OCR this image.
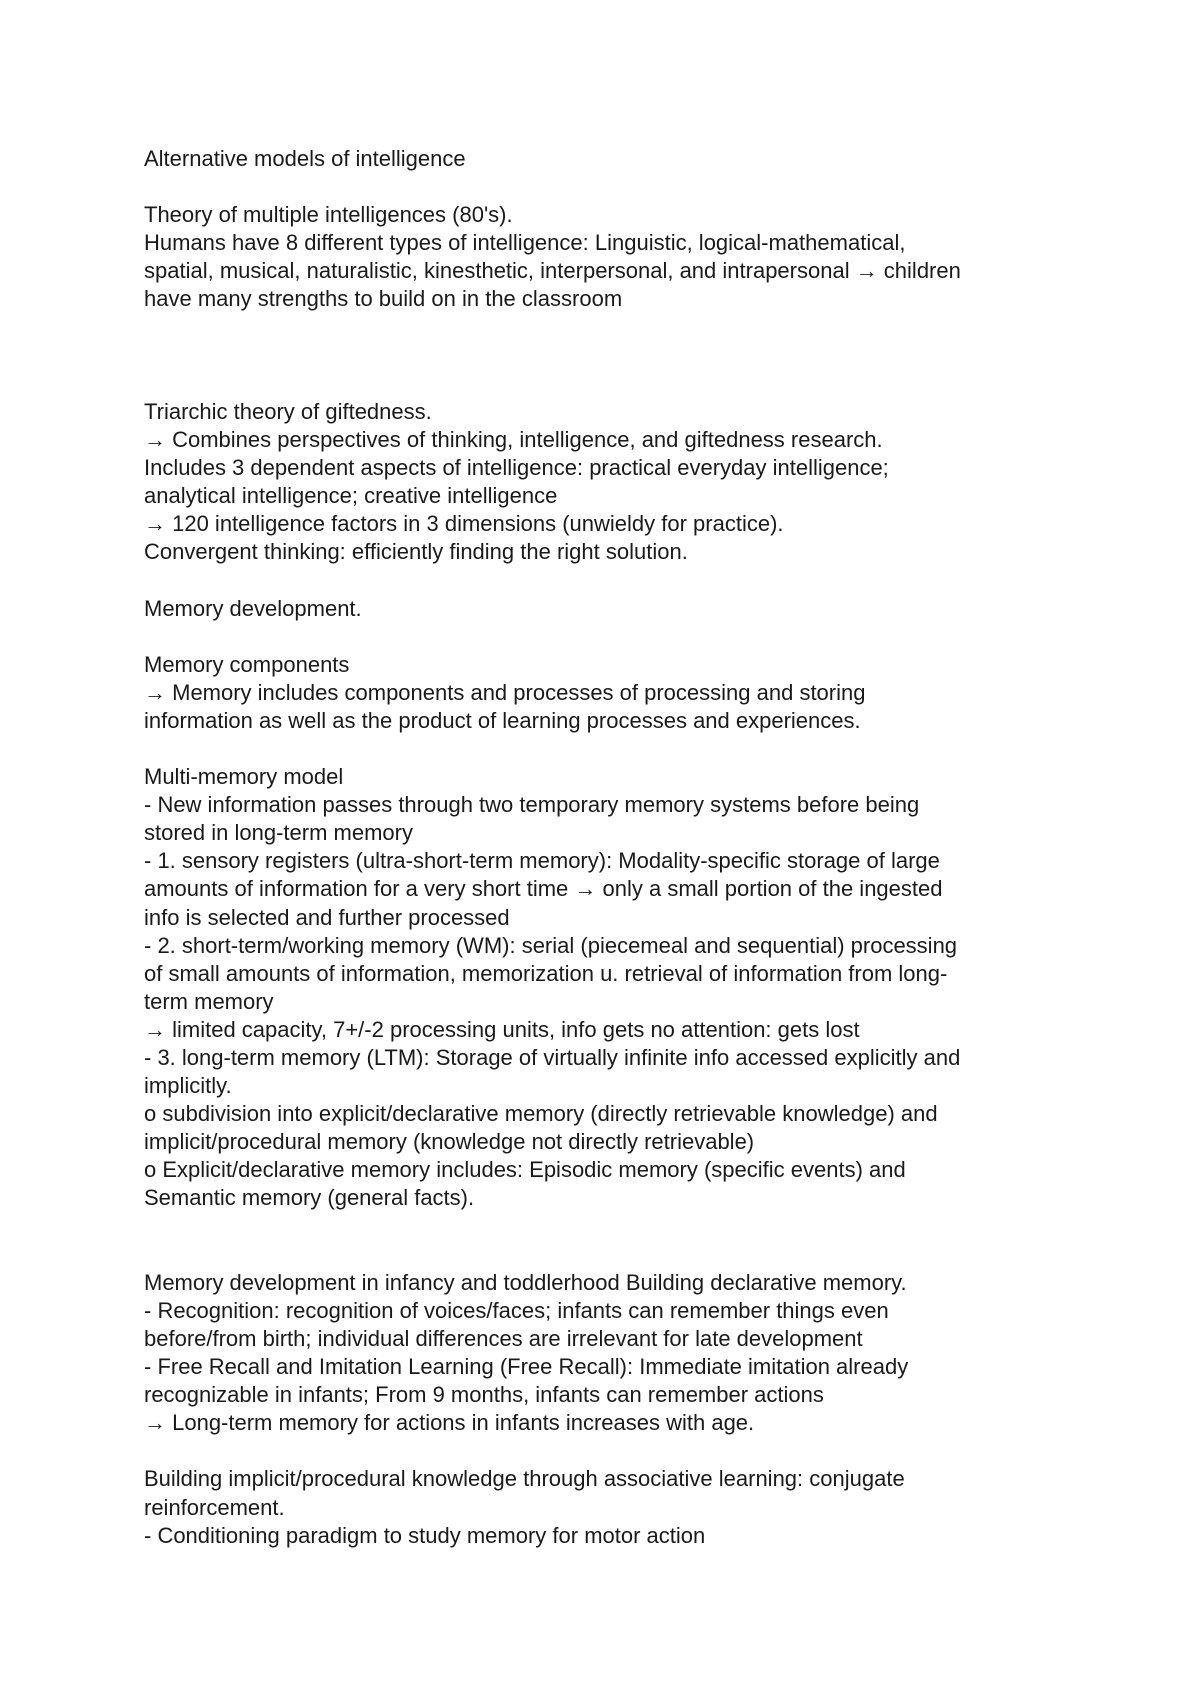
Alternative models of intelligence
Theory of multiple intelligences (80's).
Humans have 8 different types of intelligence: Linguistic, logical-mathematical,
spatial, musical, naturalistic, kinesthetic, interpersonal, and intrapersonal → children
have many strengths to build on in the classroom
Triarchic theory of giftedness.
→ Combines perspectives of thinking, intelligence, and giftedness research.
Includes 3 dependent aspects of intelligence: practical everyday intelligence;
analytical intelligence; creative intelligence
→ 120 intelligence factors in 3 dimensions (unwieldy for practice).
Convergent thinking: efficiently finding the right solution.
Memory development.
Memory components
→ Memory includes components and processes of processing and storing
information as well as the product of learning processes and experiences.
Multi-memory model
- New information passes through two temporary memory systems before being
stored in long-term memory
- 1. sensory registers (ultra-short-term memory): Modality-specific storage of large
amounts of information for a very short time → only a small portion of the ingested
info is selected and further processed
- 2. short-term/working memory (WM): serial (piecemeal and sequential) processing
of small amounts of information, memorization u. retrieval of information from long-
term memory
→ limited capacity, 7+/-2 processing units, info gets no attention: gets lost
- 3. long-term memory (LTM): Storage of virtually infinite info accessed explicitly and
implicitly.
o subdivision into explicit/declarative memory (directly retrievable knowledge) and
implicit/procedural memory (knowledge not directly retrievable)
o Explicit/declarative memory includes: Episodic memory (specific events) and
Semantic memory (general facts).
Memory development in infancy and toddlerhood Building declarative memory.
- Recognition: recognition of voices/faces; infants can remember things even
before/from birth; individual differences are irrelevant for late development
- Free Recall and Imitation Learning (Free Recall): Immediate imitation already
recognizable in infants; From 9 months, infants can remember actions
→ Long-term memory for actions in infants increases with age.
Building implicit/procedural knowledge through associative learning: conjugate
reinforcement.
- Conditioning paradigm to study memory for motor action
